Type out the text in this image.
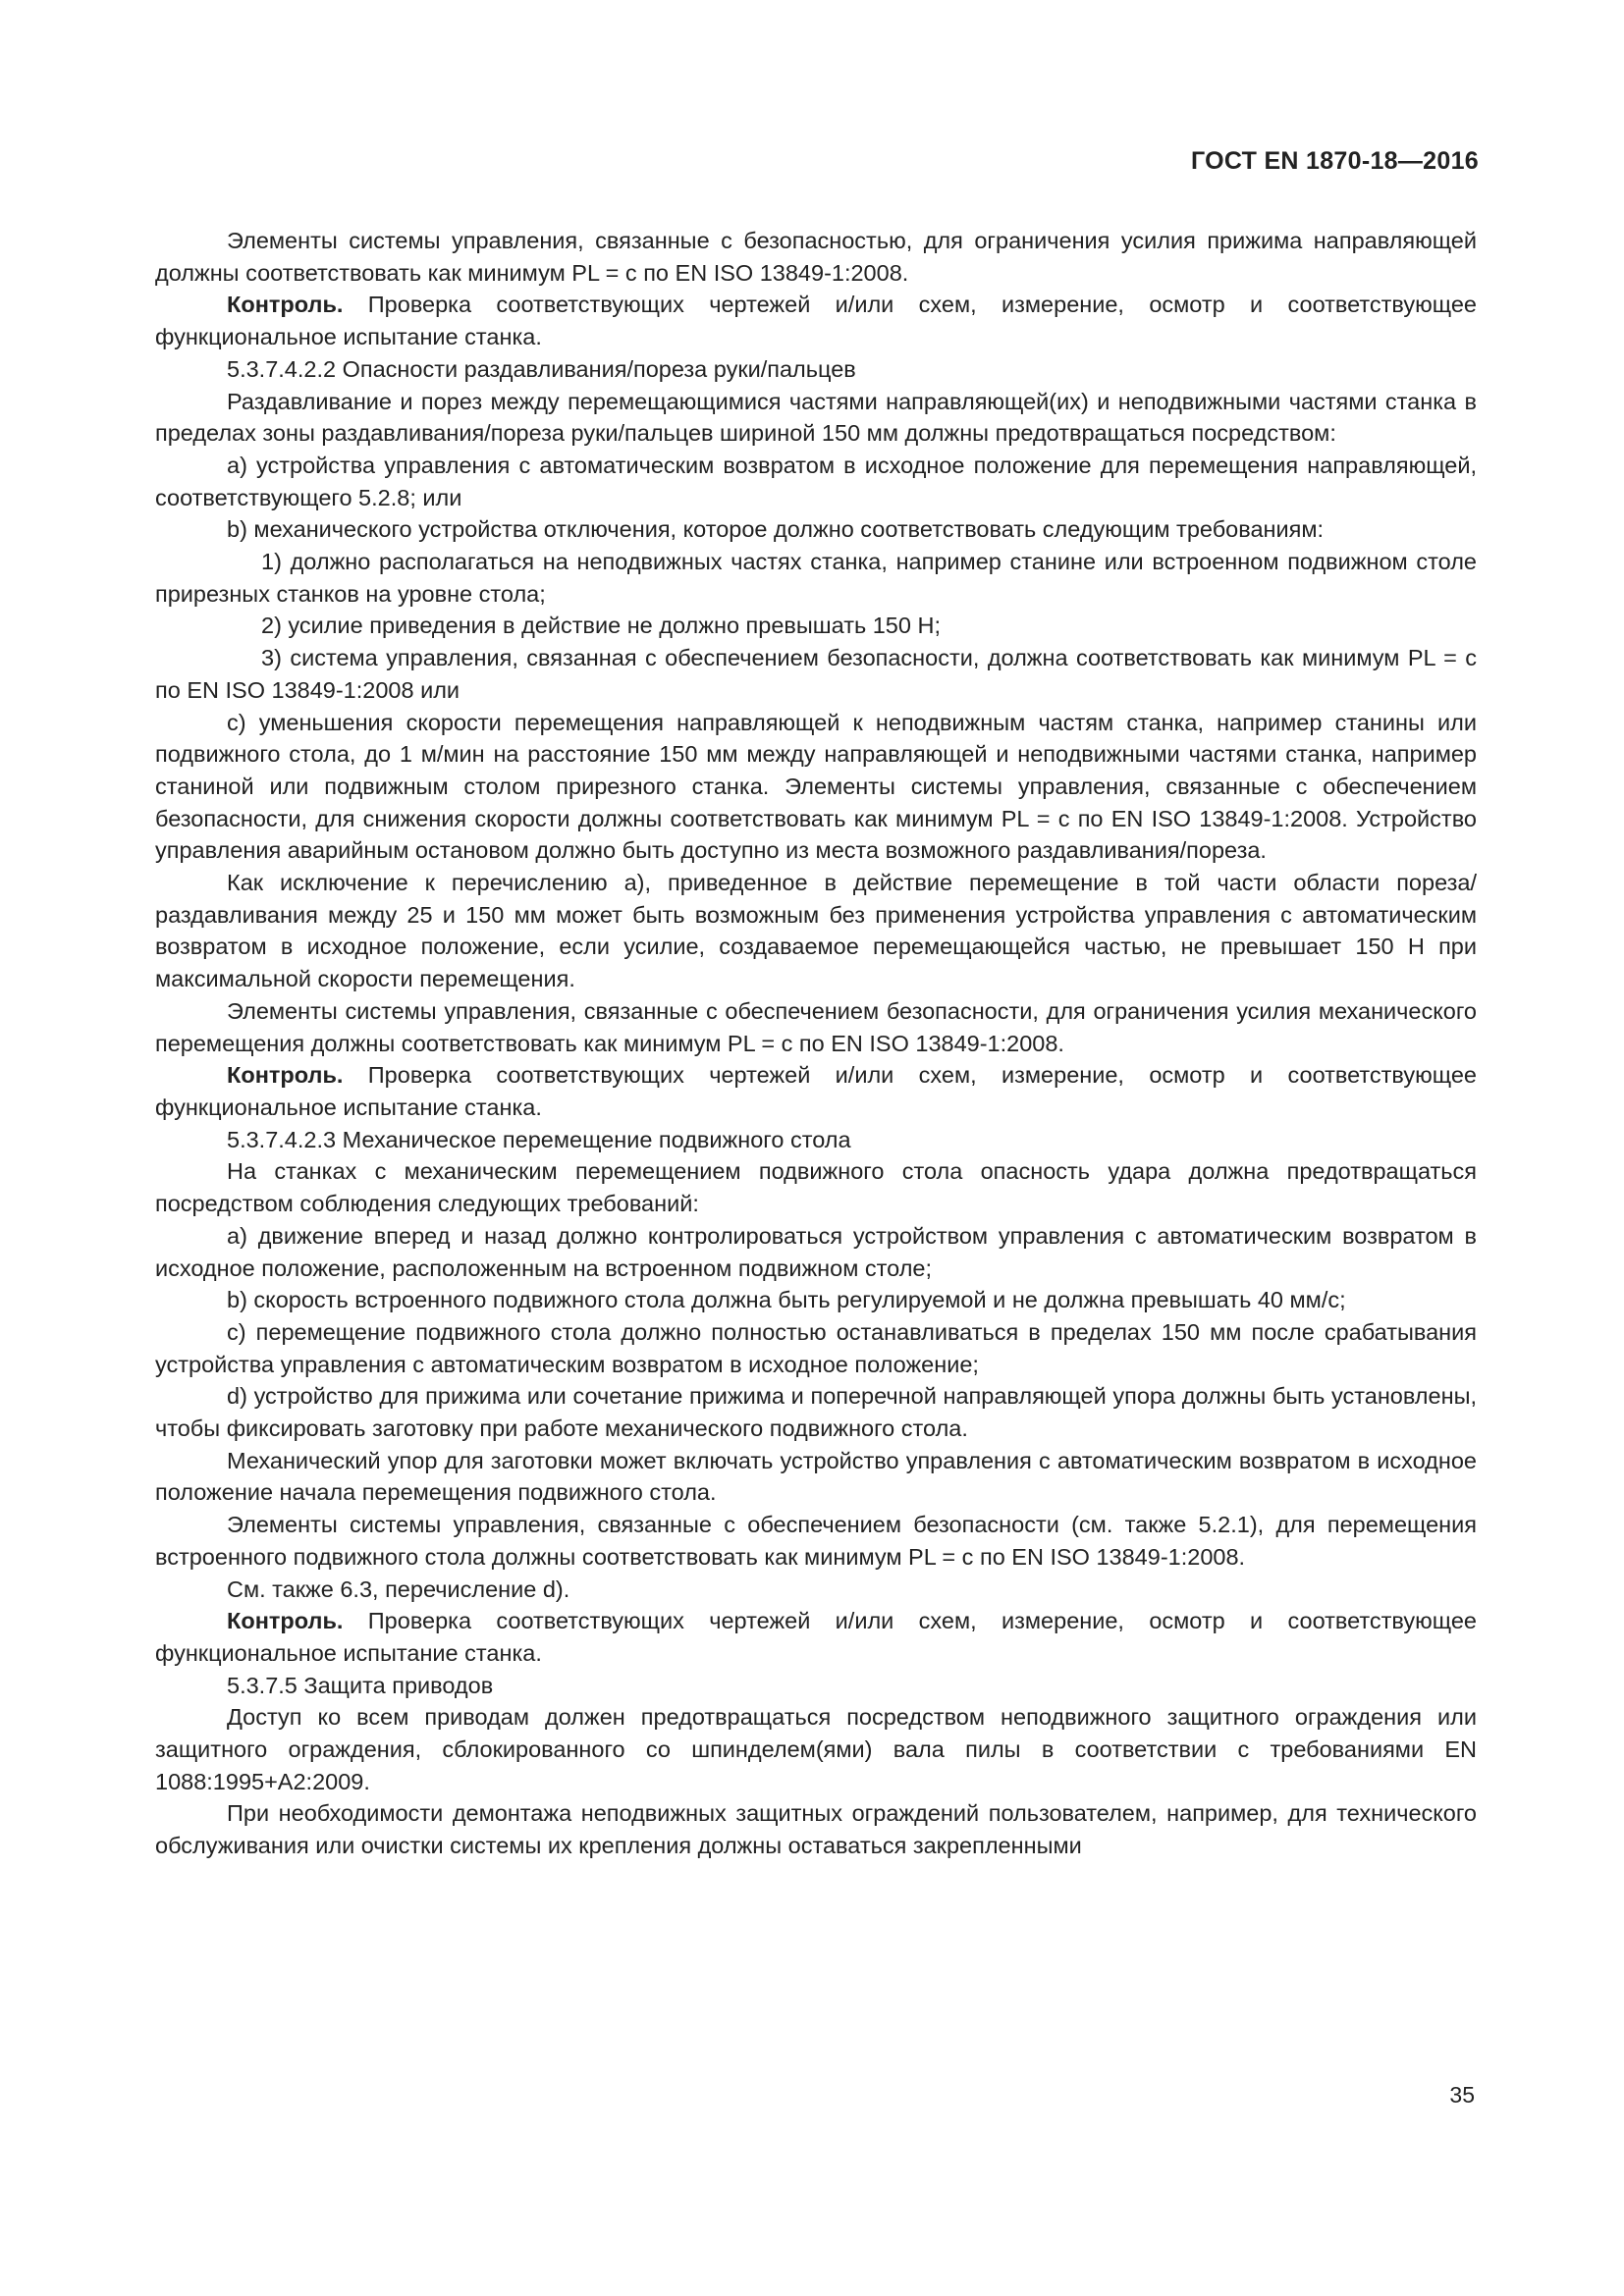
ГОСТ EN 1870-18—2016

Элементы системы управления, связанные с безопасностью, для ограничения усилия прижима направляющей должны соответствовать как минимум PL = c по EN ISO 13849-1:2008.

Контроль. Проверка соответствующих чертежей и/или схем, измерение, осмотр и соответствующее функциональное испытание станка.

5.3.7.4.2.2 Опасности раздавливания/пореза руки/пальцев

Раздавливание и порез между перемещающимися частями направляющей(их) и неподвижными частями станка в пределах зоны раздавливания/пореза руки/пальцев шириной 150 мм должны предотвращаться посредством:

a) устройства управления с автоматическим возвратом в исходное положение для перемещения направляющей, соответствующего 5.2.8; или

b) механического устройства отключения, которое должно соответствовать следующим требованиям:

1) должно располагаться на неподвижных частях станка, например станине или встроенном подвижном столе прирезных станков на уровне стола;

2) усилие приведения в действие не должно превышать 150 Н;

3) система управления, связанная с обеспечением безопасности, должна соответствовать как минимум PL = c по EN ISO 13849-1:2008 или

c) уменьшения скорости перемещения направляющей к неподвижным частям станка, например станины или подвижного стола, до 1 м/мин на расстояние 150 мм между направляющей и неподвижными частями станка, например станиной или подвижным столом прирезного станка. Элементы системы управления, связанные с обеспечением безопасности, для снижения скорости должны соответствовать как минимум PL = c по EN ISO 13849-1:2008. Устройство управления аварийным остановом должно быть доступно из места возможного раздавливания/пореза.

Как исключение к перечислению a), приведенное в действие перемещение в той части области пореза/раздавливания между 25 и 150 мм может быть возможным без применения устройства управления с автоматическим возвратом в исходное положение, если усилие, создаваемое перемещающейся частью, не превышает 150 Н при максимальной скорости перемещения.

Элементы системы управления, связанные с обеспечением безопасности, для ограничения усилия механического перемещения должны соответствовать как минимум PL = c по EN ISO 13849-1:2008.

Контроль. Проверка соответствующих чертежей и/или схем, измерение, осмотр и соответствующее функциональное испытание станка.

5.3.7.4.2.3 Механическое перемещение подвижного стола

На станках с механическим перемещением подвижного стола опасность удара должна предотвращаться посредством соблюдения следующих требований:

a) движение вперед и назад должно контролироваться устройством управления с автоматическим возвратом в исходное положение, расположенным на встроенном подвижном столе;

b) скорость встроенного подвижного стола должна быть регулируемой и не должна превышать 40 мм/с;

c) перемещение подвижного стола должно полностью останавливаться в пределах 150 мм после срабатывания устройства управления с автоматическим возвратом в исходное положение;

d) устройство для прижима или сочетание прижима и поперечной направляющей упора должны быть установлены, чтобы фиксировать заготовку при работе механического подвижного стола.

Механический упор для заготовки может включать устройство управления с автоматическим возвратом в исходное положение начала перемещения подвижного стола.

Элементы системы управления, связанные с обеспечением безопасности (см. также 5.2.1), для перемещения встроенного подвижного стола должны соответствовать как минимум PL = c по EN ISO 13849-1:2008.

См. также 6.3, перечисление d).

Контроль. Проверка соответствующих чертежей и/или схем, измерение, осмотр и соответствующее функциональное испытание станка.

5.3.7.5 Защита приводов

Доступ ко всем приводам должен предотвращаться посредством неподвижного защитного ограждения или защитного ограждения, сблокированного со шпинделем(ями) вала пилы в соответствии с требованиями EN 1088:1995+A2:2009.

При необходимости демонтажа неподвижных защитных ограждений пользователем, например, для технического обслуживания или очистки системы их крепления должны оставаться закрепленными

35
